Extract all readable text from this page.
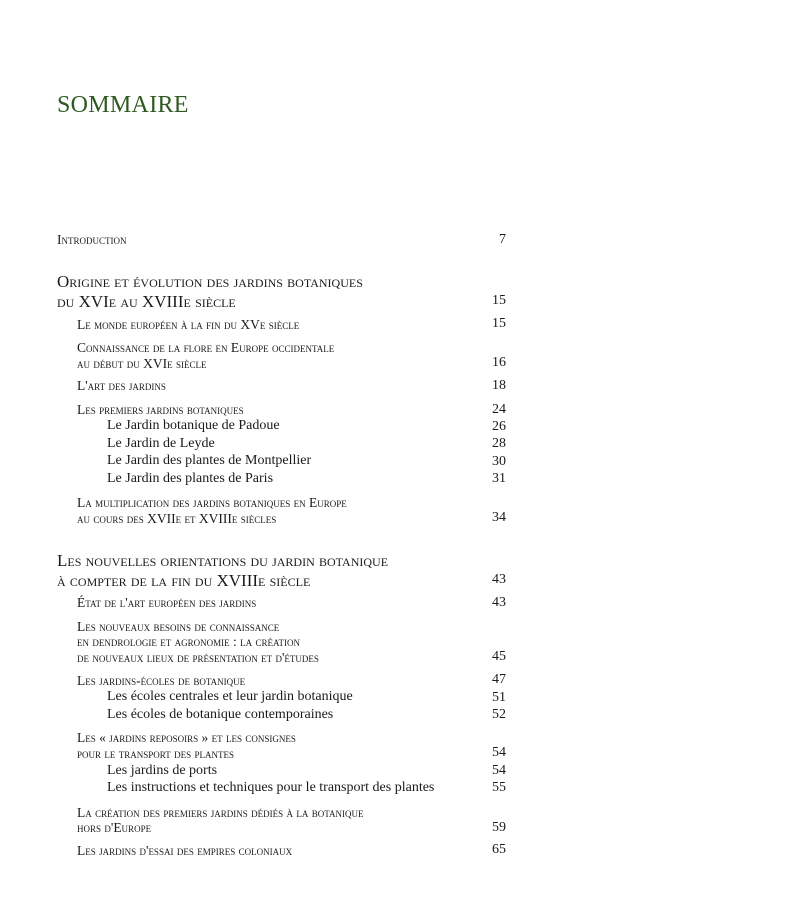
SOMMAIRE
Introduction	7
Origine et évolution des jardins botaniques
du XVIe au XVIIIe siècle	15
Le monde européen à la fin du XVe siècle	15
Connaissance de la flore en Europe occidentale
au début du XVIe siècle	16
L'art des jardins	18
Les premiers jardins botaniques	24
Le Jardin botanique de Padoue	26
Le Jardin de Leyde	28
Le Jardin des plantes de Montpellier	30
Le Jardin des plantes de Paris	31
La multiplication des jardins botaniques en Europe
au cours des XVIIe et XVIIIe siècles	34
Les nouvelles orientations du jardin botanique
à compter de la fin du XVIIIe siècle	43
État de l'art européen des jardins	43
Les nouveaux besoins de connaissance
en dendrologie et agronomie : la création
de nouveaux lieux de présentation et d'études	45
Les jardins-écoles de botanique	47
Les écoles centrales et leur jardin botanique	51
Les écoles de botanique contemporaines	52
Les « jardins reposoirs » et les consignes
pour le transport des plantes	54
Les jardins de ports	54
Les instructions et techniques pour le transport des plantes	55
La création des premiers jardins dédiés à la botanique
hors d'Europe	59
Les jardins d'essai des empires coloniaux	65
